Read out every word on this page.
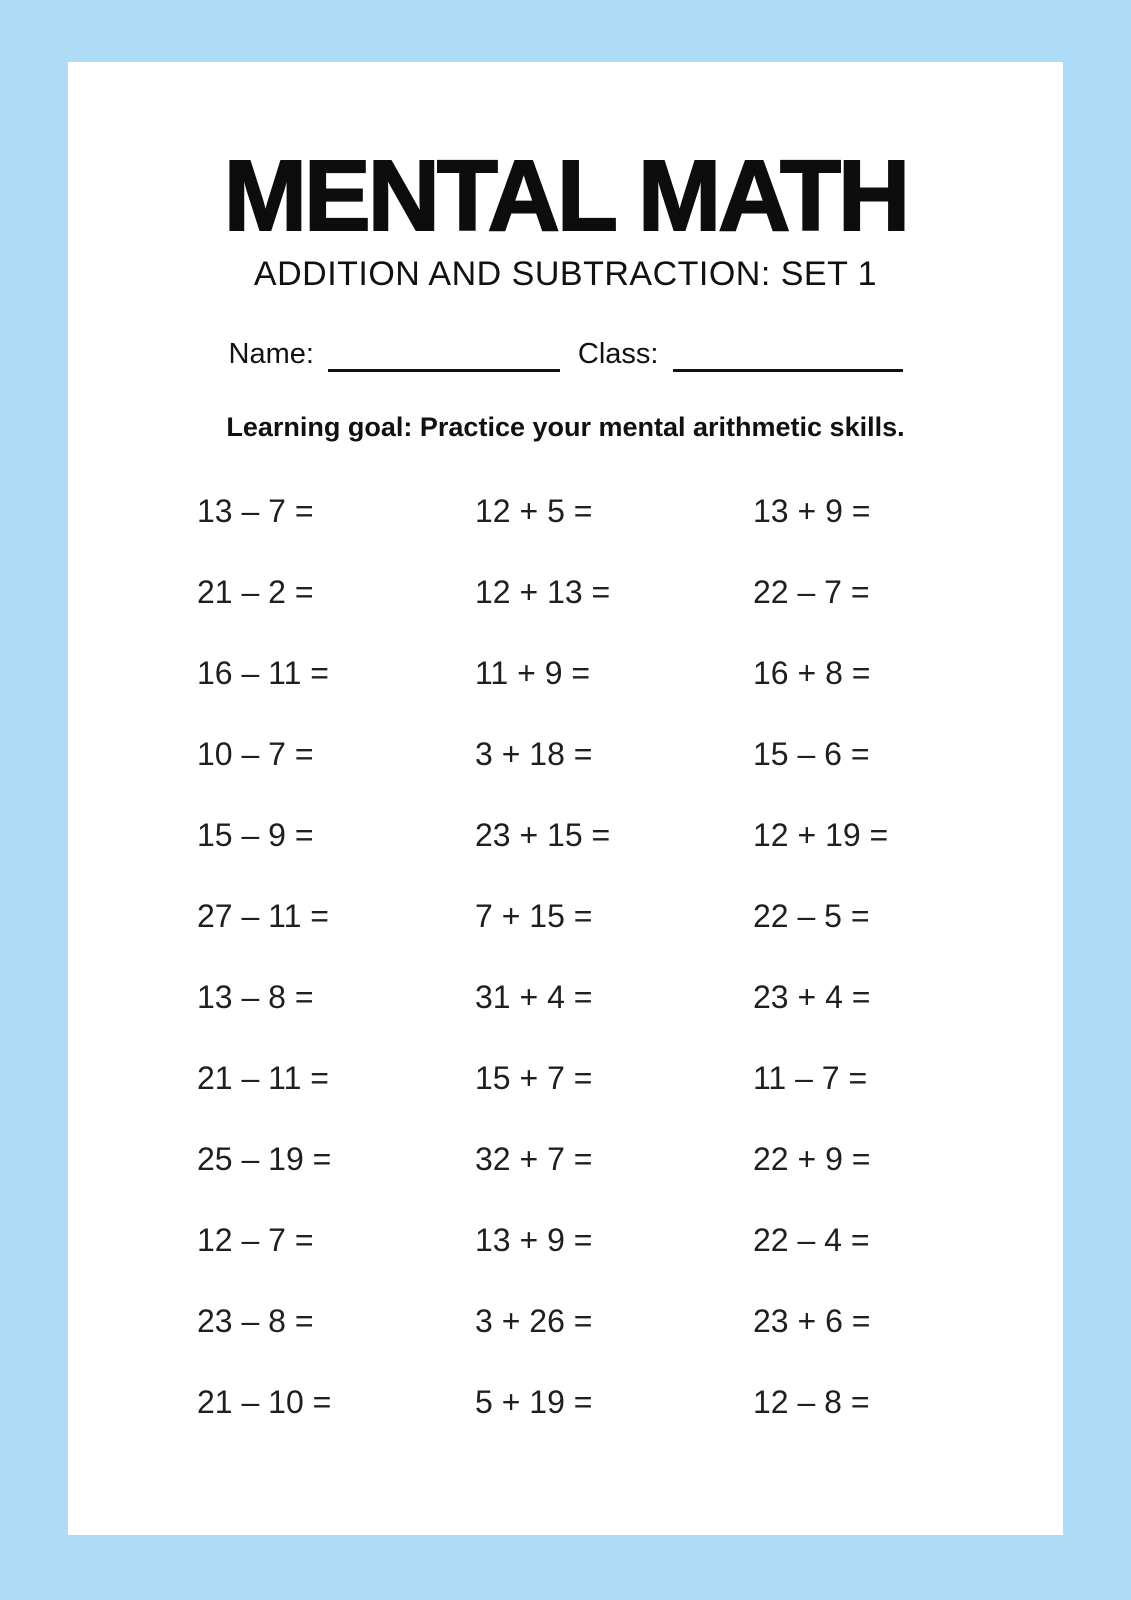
MENTAL MATH
ADDITION AND SUBTRACTION: SET 1
Name:	Class:
Learning goal: Practice your mental arithmetic skills.
13 – 7 =	12 + 5 =	13 + 9 =
21 – 2 =	12 + 13 =	22 – 7 =
16 – 11 =	11 + 9 =	16 + 8 =
10 – 7 =	3 + 18 =	15 – 6 =
15 – 9 =	23 + 15 =	12 + 19 =
27 – 11 =	7 + 15 =	22 – 5 =
13 – 8 =	31 + 4 =	23 + 4 =
21 – 11 =	15 + 7 =	11 – 7 =
25 – 19 =	32 + 7 =	22 + 9 =
12 – 7 =	13 + 9 =	22 – 4 =
23 – 8 =	3 + 26 =	23 + 6 =
21 – 10 =	5 + 19 =	12 – 8 =
